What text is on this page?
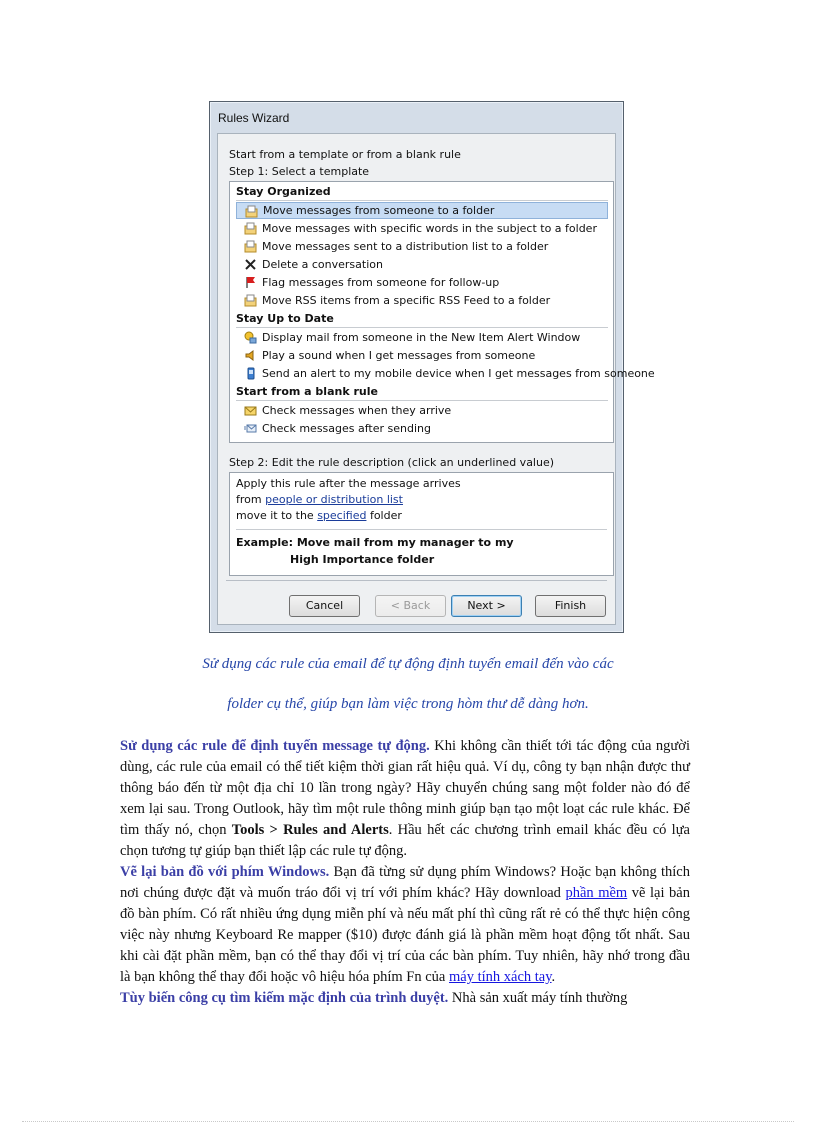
Rules Wizard
Start from a template or from a blank rule
Step 1: Select a template
Stay Organized
Move messages from someone to a folder
Move messages with specific words in the subject to a folder
Move messages sent to a distribution list to a folder
Delete a conversation
Flag messages from someone for follow-up
Move RSS items from a specific RSS Feed to a folder
Stay Up to Date
Display mail from someone in the New Item Alert Window
Play a sound when I get messages from someone
Send an alert to my mobile device when I get messages from someone
Start from a blank rule
Check messages when they arrive
Check messages after sending
Step 2: Edit the rule description (click an underlined value)
Apply this rule after the message arrives
from people or distribution list
move it to the specified folder
Example: Move mail from my manager to my
High Importance folder
Cancel	< Back	Next >	Finish
Sử dụng các rule của email để tự động định tuyến email đến vào các
folder cụ thể, giúp bạn làm việc trong hòm thư dễ dàng hơn.

Sử dụng các rule để định tuyến message tự động. Khi không cần thiết tới tác động của người dùng, các rule của email có thể tiết kiệm thời gian rất hiệu quả. Ví dụ, công ty bạn nhận được thư thông báo đến từ một địa chỉ 10 lần trong ngày? Hãy chuyển chúng sang một folder nào đó để xem lại sau. Trong Outlook, hãy tìm một rule thông minh giúp bạn tạo một loạt các rule khác. Để tìm thấy nó, chọn Tools > Rules and Alerts. Hầu hết các chương trình email khác đều có lựa chọn tương tự giúp bạn thiết lập các rule tự động.

Vẽ lại bản đồ với phím Windows. Bạn đã từng sử dụng phím Windows? Hoặc bạn không thích nơi chúng được đặt và muốn tráo đổi vị trí với phím khác? Hãy download phần mềm vẽ lại bản đồ bàn phím. Có rất nhiều ứng dụng miễn phí và nếu mất phí thì cũng rất rẻ có thể thực hiện công việc này nhưng Keyboard Re mapper ($10) được đánh giá là phần mềm hoạt động tốt nhất. Sau khi cài đặt phần mềm, bạn có thể thay đổi vị trí của các bàn phím. Tuy nhiên, hãy nhớ trong đầu là bạn không thể thay đổi hoặc vô hiệu hóa phím Fn của máy tính xách tay.

Tùy biến công cụ tìm kiếm mặc định của trình duyệt. Nhà sản xuất máy tính thường
